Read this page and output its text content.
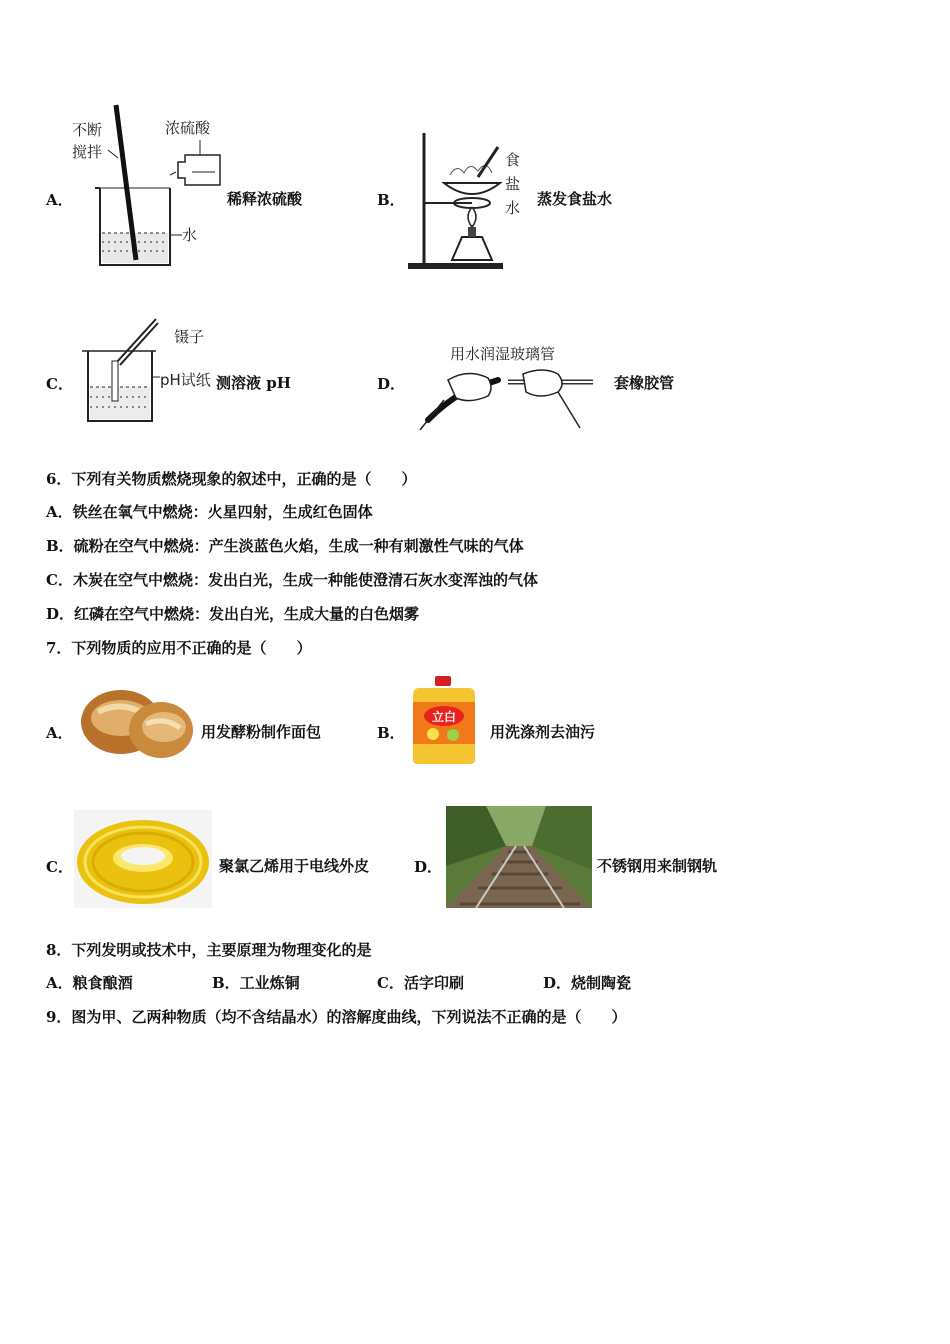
A．
不断
搅拌
浓硫酸
水
稀释浓硫酸	B．
食
盐
水 蒸发食盐水
C．
镊子
pH试纸 测溶液 pH	D．
用水润湿玻璃管
套橡胶管
6．下列有关物质燃烧现象的叙述中，正确的是（　　）
A．铁丝在氧气中燃烧：火星四射，生成红色固体
B．硫粉在空气中燃烧：产生淡蓝色火焰，生成一种有刺激性气味的气体
C．木炭在空气中燃烧：发出白光，生成一种能使澄清石灰水变浑浊的气体
D．红磷在空气中燃烧：发出白光，生成大量的白色烟雾
7．下列物质的应用不正确的是（　　）
A．	用发酵粉制作面包	B．
立白
用洗涤剂去油污
C．	聚氯乙烯用于电线外皮	D．	不锈钢用来制钢轨
8．下列发明或技术中，主要原理为物理变化的是
A．粮食酿酒	B．工业炼铜	C．活字印刷	D．烧制陶瓷
9．图为甲、乙两种物质（均不含结晶水）的溶解度曲线，下列说法不正确的是（　　）
